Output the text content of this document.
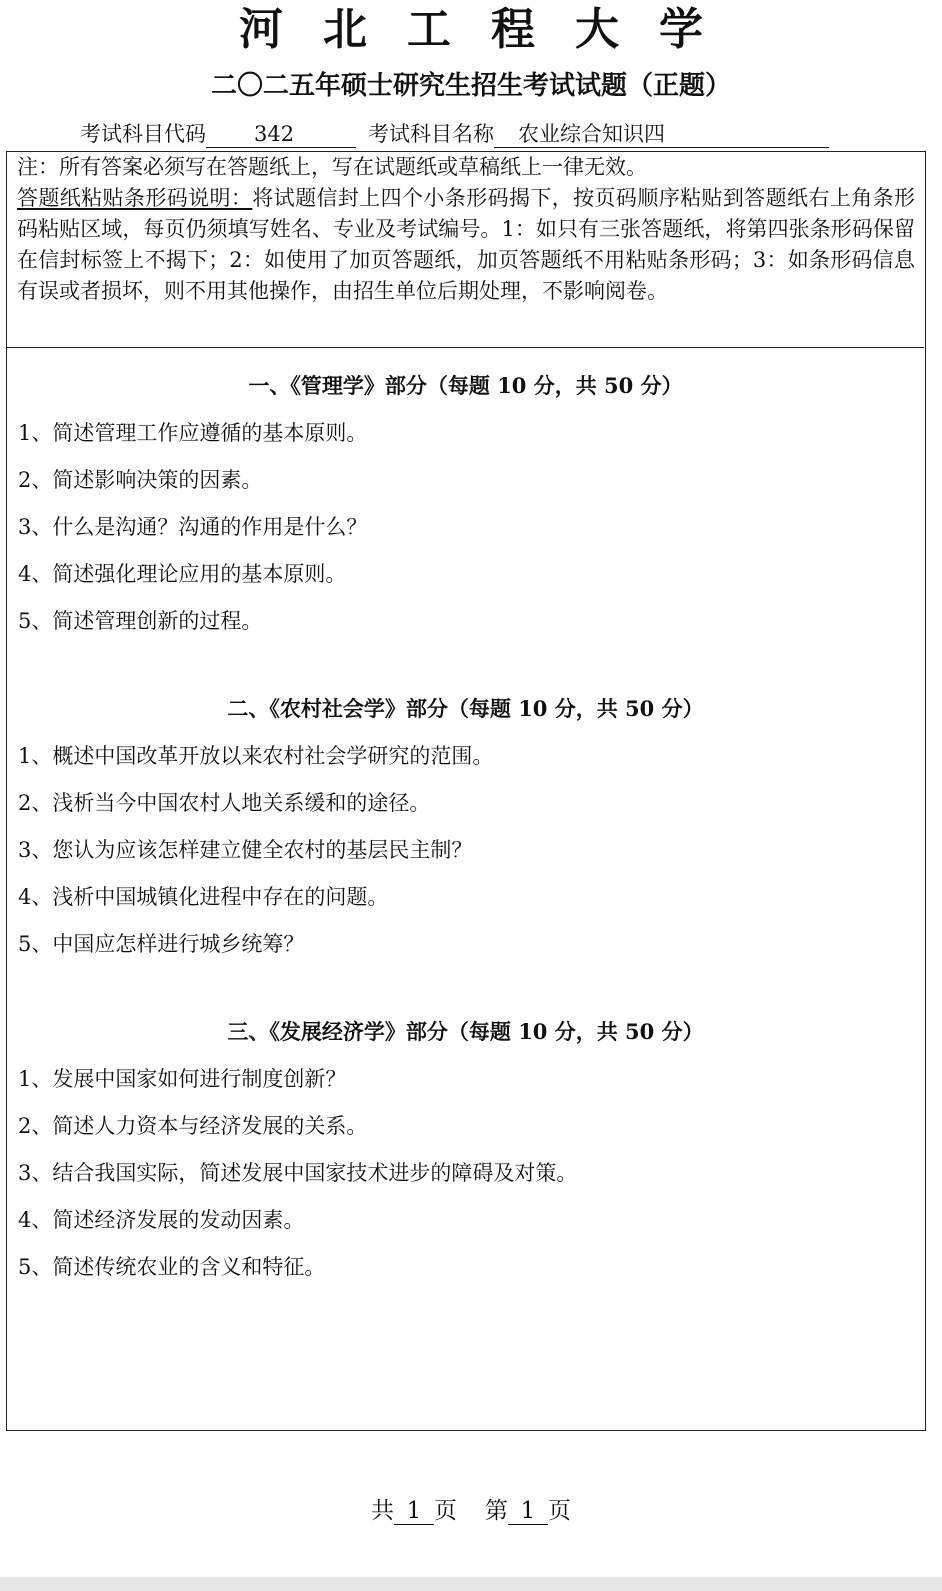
河北工程大学
二〇二五年硕士研究生招生考试试题（正题）
考试科目代码 342	考试科目名称 农业综合知识四

注：所有答案必须写在答题纸上，写在试题纸或草稿纸上一律无效。

答题纸粘贴条形码说明：将试题信封上四个小条形码揭下，按页码顺序粘贴到答题纸右上角条形码粘贴区域，每页仍须填写姓名、专业及考试编号。1：如只有三张答题纸，将第四张条形码保留在信封标签上不揭下；2：如使用了加页答题纸，加页答题纸不用粘贴条形码；3：如条形码信息有误或者损坏，则不用其他操作，由招生单位后期处理，不影响阅卷。

一、《管理学》部分（每题 10 分，共 50 分）
1、简述管理工作应遵循的基本原则。
2、简述影响决策的因素。
3、什么是沟通？沟通的作用是什么？
4、简述强化理论应用的基本原则。
5、简述管理创新的过程。
二、《农村社会学》部分（每题 10 分，共 50 分）
1、概述中国改革开放以来农村社会学研究的范围。
2、浅析当今中国农村人地关系缓和的途径。
3、您认为应该怎样建立健全农村的基层民主制？
4、浅析中国城镇化进程中存在的问题。
5、中国应怎样进行城乡统筹？
三、《发展经济学》部分（每题 10 分，共 50 分）
1、发展中国家如何进行制度创新？
2、简述人力资本与经济发展的关系。
3、结合我国实际，简述发展中国家技术进步的障碍及对策。
4、简述经济发展的发动因素。
5、简述传统农业的含义和特征。
共 1 页 第 1 页
